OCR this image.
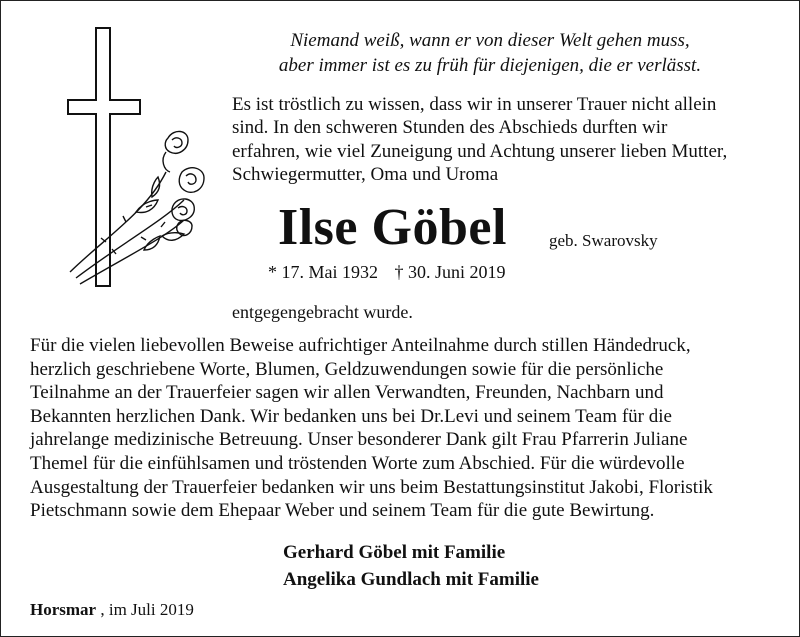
Niemand weiß, wann er von dieser Welt gehen muss,
aber immer ist es zu früh für diejenigen, die er verlässt.
Es ist tröstlich zu wissen, dass wir in unserer Trauer nicht allein
sind. In den schweren Stunden des Abschieds durften wir
erfahren, wie viel Zuneigung und Achtung unserer lieben Mutter,
Schwiegermutter, Oma und Uroma
Ilse Göbel geb. Swarovsky
* 17. Mai 1932 † 30. Juni 2019
entgegengebracht wurde.
Für die vielen liebevollen Beweise aufrichtiger Anteilnahme durch stillen Händedruck,
herzlich geschriebene Worte, Blumen, Geldzuwendungen sowie für die persönliche
Teilnahme an der Trauerfeier sagen wir allen Verwandten, Freunden, Nachbarn und
Bekannten herzlichen Dank. Wir bedanken uns bei Dr.Levi und seinem Team für die
jahrelange medizinische Betreuung. Unser besonderer Dank gilt Frau Pfarrerin Juliane
Themel für die einfühlsamen und tröstenden Worte zum Abschied. Für die würdevolle
Ausgestaltung der Trauerfeier bedanken wir uns beim Bestattungsinstitut Jakobi, Floristik
Pietschmann sowie dem Ehepaar Weber und seinem Team für die gute Bewirtung.
Gerhard Göbel mit Familie
Angelika Gundlach mit Familie
Horsmar , im Juli 2019
